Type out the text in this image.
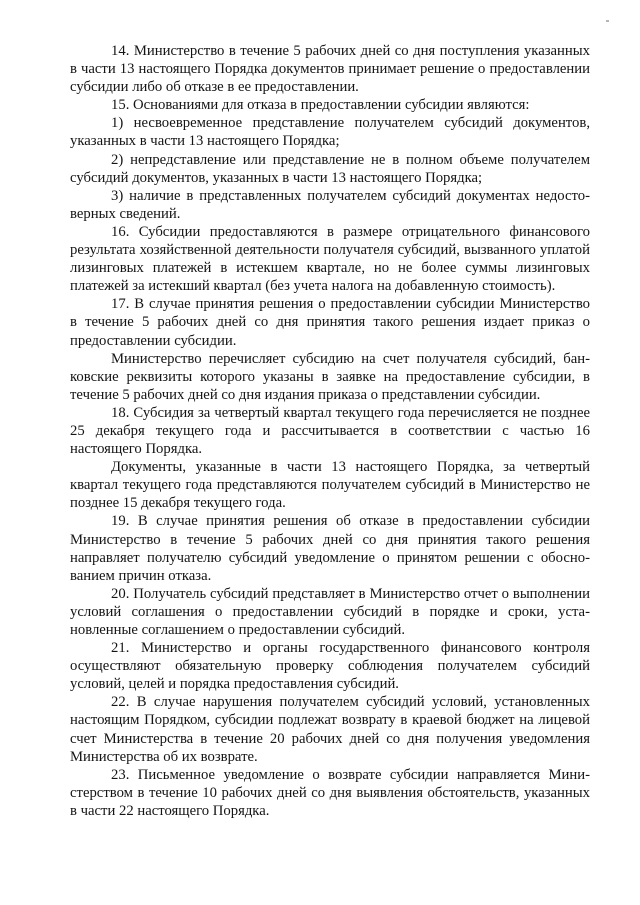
14. Министерство в течение 5 рабочих дней со дня поступления указанных в части 13 настоящего Порядка документов принимает решение о предоставлении субсидии либо об отказе в ее предоставлении.

15. Основаниями для отказа в предоставлении субсидии являются:

1) несвоевременное представление получателем субсидий документов, указанных в части 13 настоящего Порядка;

2) непредставление или представление не в полном объеме получателем субсидий документов, указанных в части 13 настоящего Порядка;

3) наличие в представленных получателем субсидий документах недостоверных сведений.

16. Субсидии предоставляются в размере отрицательного финансового результата хозяйственной деятельности получателя субсидий, вызванного уплатой лизинговых платежей в истекшем квартале, но не более суммы лизинговых платежей за истекший квартал (без учета налога на добавленную стоимость).

17. В случае принятия решения о предоставлении субсидии Министерство в течение 5 рабочих дней со дня принятия такого решения издает приказ о предоставлении субсидии.

Министерство перечисляет субсидию на счет получателя субсидий, банковские реквизиты которого указаны в заявке на предоставление субсидии, в течение 5 рабочих дней со дня издания приказа о представлении субсидии.

18. Субсидия за четвертый квартал текущего года перечисляется не позднее 25 декабря текущего года и рассчитывается в соответствии с частью 16 настоящего Порядка.

Документы, указанные в части 13 настоящего Порядка, за четвертый квартал текущего года представляются получателем субсидий в Министерство не позднее 15 декабря текущего года.

19. В случае принятия решения об отказе в предоставлении субсидии Министерство в течение 5 рабочих дней со дня принятия такого решения направляет получателю субсидий уведомление о принятом решении с обоснованием причин отказа.

20. Получатель субсидий представляет в Министерство отчет о выполнении условий соглашения о предоставлении субсидий в порядке и сроки, установленные соглашением о предоставлении субсидий.

21. Министерство и органы государственного финансового контроля осуществляют обязательную проверку соблюдения получателем субсидий условий, целей и порядка предоставления субсидий.

22. В случае нарушения получателем субсидий условий, установленных настоящим Порядком, субсидии подлежат возврату в краевой бюджет на лицевой счет Министерства в течение 20 рабочих дней со дня получения уведомления Министерства об их возврате.

23. Письменное уведомление о возврате субсидии направляется Министерством в течение 10 рабочих дней со дня выявления обстоятельств, указанных в части 22 настоящего Порядка.
